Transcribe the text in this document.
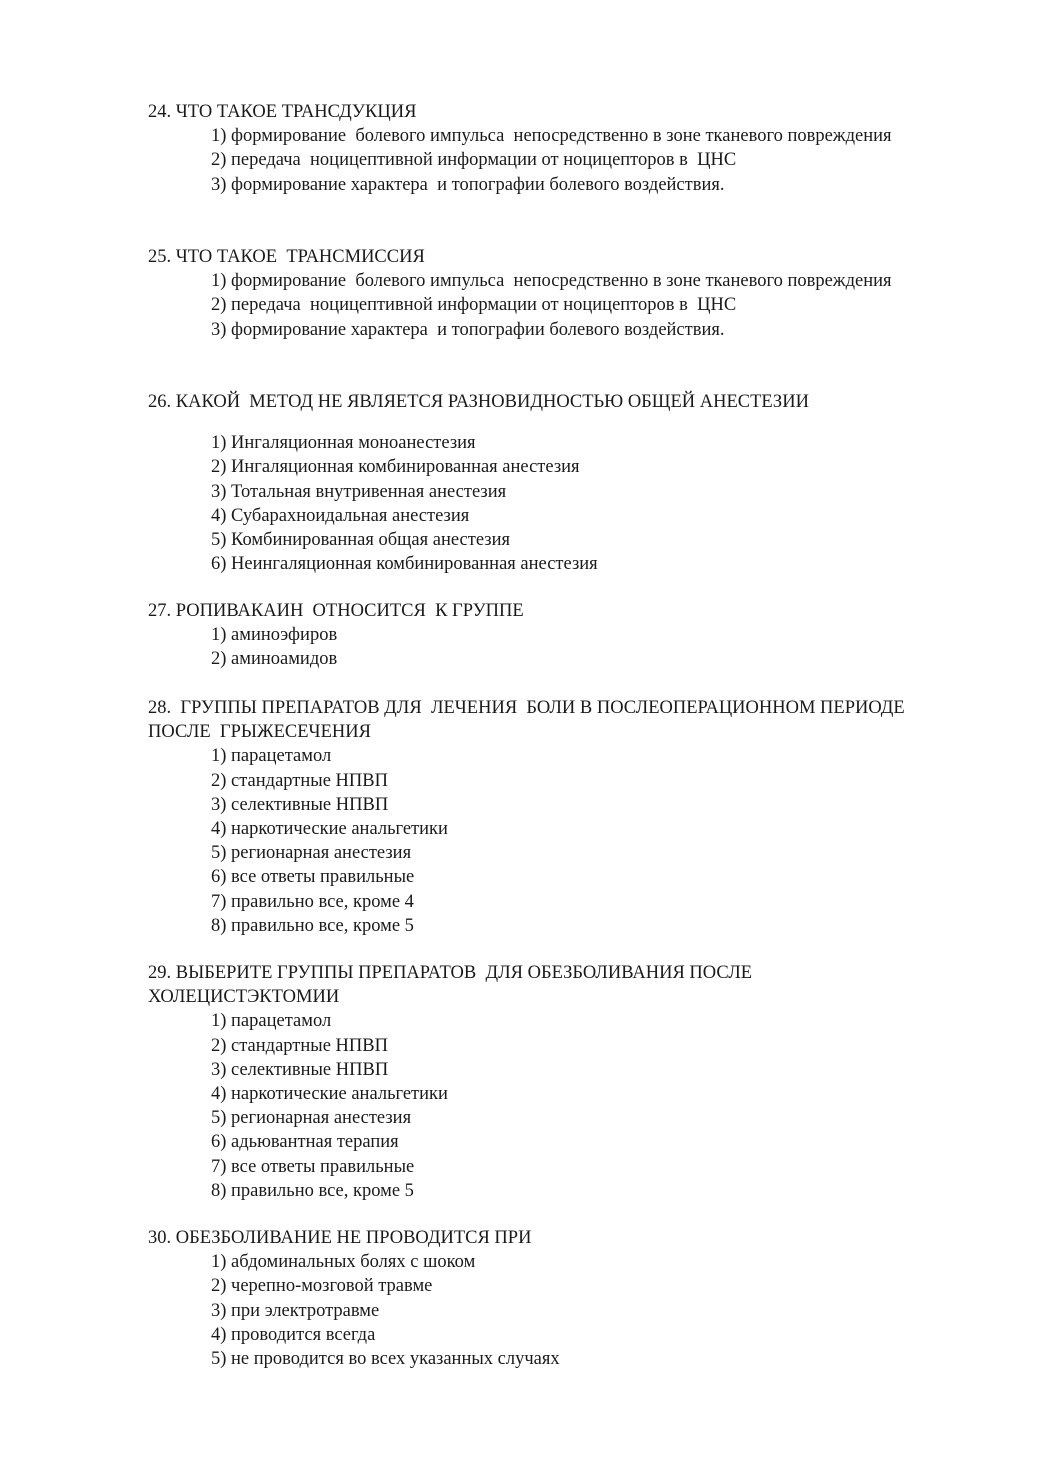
24. ЧТО ТАКОЕ ТРАНСДУКЦИЯ

1) формирование  болевого импульса  непосредственно в зоне тканевого повреждения
2) передача  ноцицептивной информации от ноцицепторов в  ЦНС
3) формирование характера  и топографии болевого воздействия.

25. ЧТО ТАКОЕ  ТРАНСМИССИЯ

1) формирование  болевого импульса  непосредственно в зоне тканевого повреждения
2) передача  ноцицептивной информации от ноцицепторов в  ЦНС
3) формирование характера  и топографии болевого воздействия.

26. КАКОЙ  МЕТОД НЕ ЯВЛЯЕТСЯ РАЗНОВИДНОСТЬЮ ОБЩЕЙ АНЕСТЕЗИИ

1) Ингаляционная моноанестезия
2) Ингаляционная комбинированная анестезия
3) Тотальная внутривенная анестезия
4) Субарахноидальная анестезия
5) Комбинированная общая анестезия
6) Неингаляционная комбинированная анестезия

27. РОПИВАКАИН  ОТНОСИТСЯ  К ГРУППЕ

1) аминоэфиров
2) аминоамидов

28.  ГРУППЫ ПРЕПАРАТОВ ДЛЯ  ЛЕЧЕНИЯ  БОЛИ В ПОСЛЕОПЕРАЦИОННОМ ПЕРИОДЕ ПОСЛЕ  ГРЫЖЕСЕЧЕНИЯ

1) парацетамол
2) стандартные НПВП
3) селективные НПВП
4) наркотические анальгетики
5) регионарная анестезия
6) все ответы правильные
7) правильно все, кроме 4
8) правильно все, кроме 5

29. ВЫБЕРИТЕ ГРУППЫ ПРЕПАРАТОВ  ДЛЯ ОБЕЗБОЛИВАНИЯ ПОСЛЕ ХОЛЕЦИСТЭКТОМИИ

1) парацетамол
2) стандартные НПВП
3) селективные НПВП
4) наркотические анальгетики
5) регионарная анестезия
6) адьювантная терапия
7) все ответы правильные
8) правильно все, кроме 5

30. ОБЕЗБОЛИВАНИЕ НЕ ПРОВОДИТСЯ ПРИ

1) абдоминальных болях с шоком
2) черепно-мозговой травме
3) при электротравме
4) проводится всегда
5) не проводится во всех указанных случаях
